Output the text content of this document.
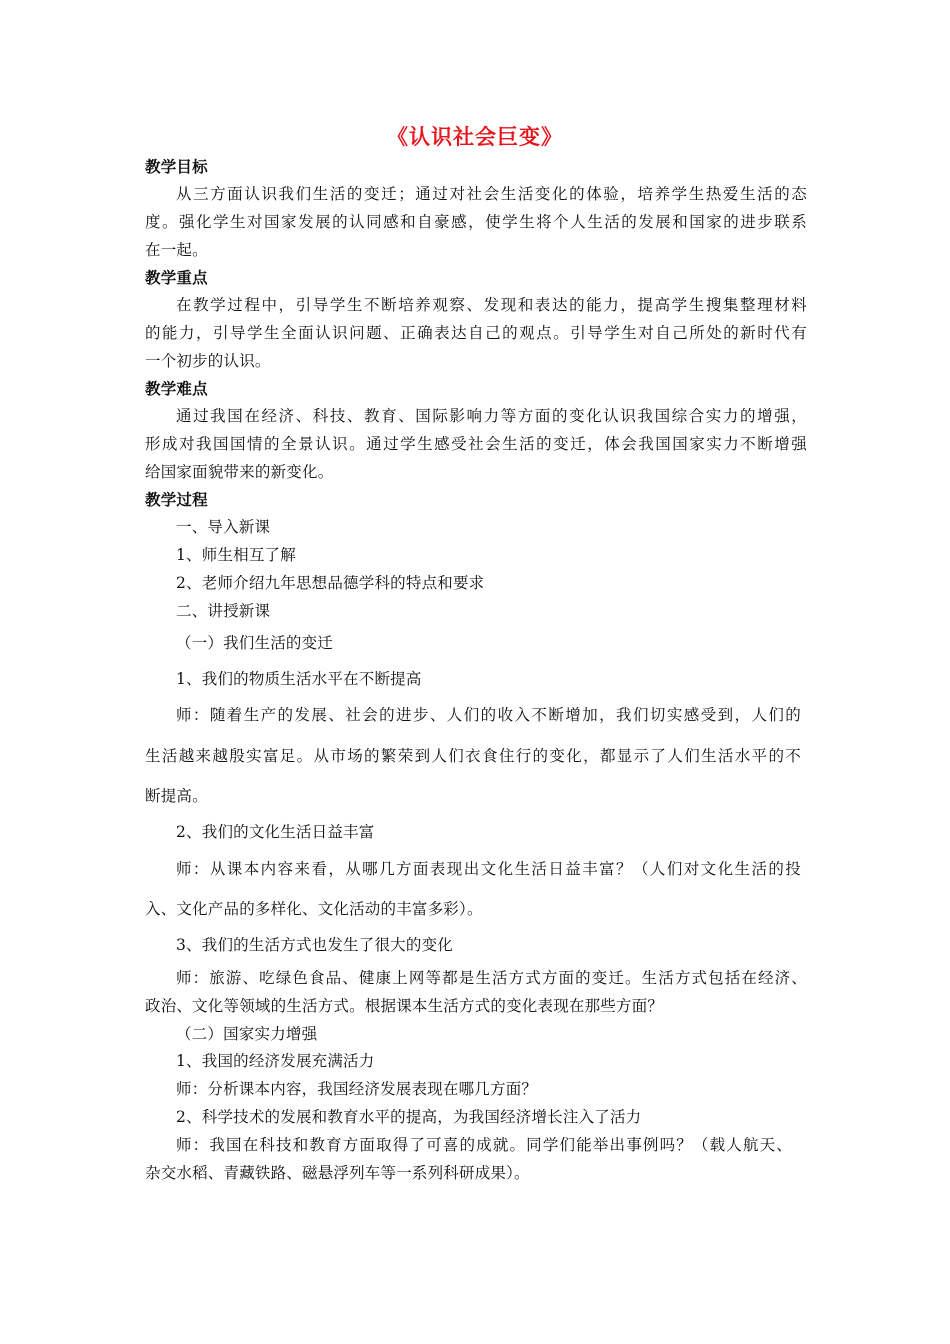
《认识社会巨变》
教学目标
从三方面认识我们生活的变迁；通过对社会生活变化的体验，培养学生热爱生活的态
度。强化学生对国家发展的认同感和自豪感，使学生将个人生活的发展和国家的进步联系
在一起。
教学重点
在教学过程中，引导学生不断培养观察、发现和表达的能力，提高学生搜集整理材料
的能力，引导学生全面认识问题、正确表达自己的观点。引导学生对自己所处的新时代有
一个初步的认识。
教学难点
通过我国在经济、科技、教育、国际影响力等方面的变化认识我国综合实力的增强，
形成对我国国情的全景认识。通过学生感受社会生活的变迁，体会我国国家实力不断增强
给国家面貌带来的新变化。
教学过程
一、导入新课
1、师生相互了解
2、老师介绍九年思想品德学科的特点和要求
二、讲授新课
（一）我们生活的变迁
1、我们的物质生活水平在不断提高
师：随着生产的发展、社会的进步、人们的收入不断增加，我们切实感受到，人们的
生活越来越殷实富足。从市场的繁荣到人们衣食住行的变化，都显示了人们生活水平的不
断提高。
2、我们的文化生活日益丰富
师：从课本内容来看，从哪几方面表现出文化生活日益丰富？（人们对文化生活的投
入、文化产品的多样化、文化活动的丰富多彩）。
3、我们的生活方式也发生了很大的变化
师：旅游、吃绿色食品、健康上网等都是生活方式方面的变迁。生活方式包括在经济、
政治、文化等领域的生活方式。根据课本生活方式的变化表现在那些方面？
（二）国家实力增强
1、我国的经济发展充满活力
师：分析课本内容，我国经济发展表现在哪几方面？
2、科学技术的发展和教育水平的提高，为我国经济增长注入了活力
师：我国在科技和教育方面取得了可喜的成就。同学们能举出事例吗？（载人航天、
杂交水稻、青藏铁路、磁悬浮列车等一系列科研成果）。
